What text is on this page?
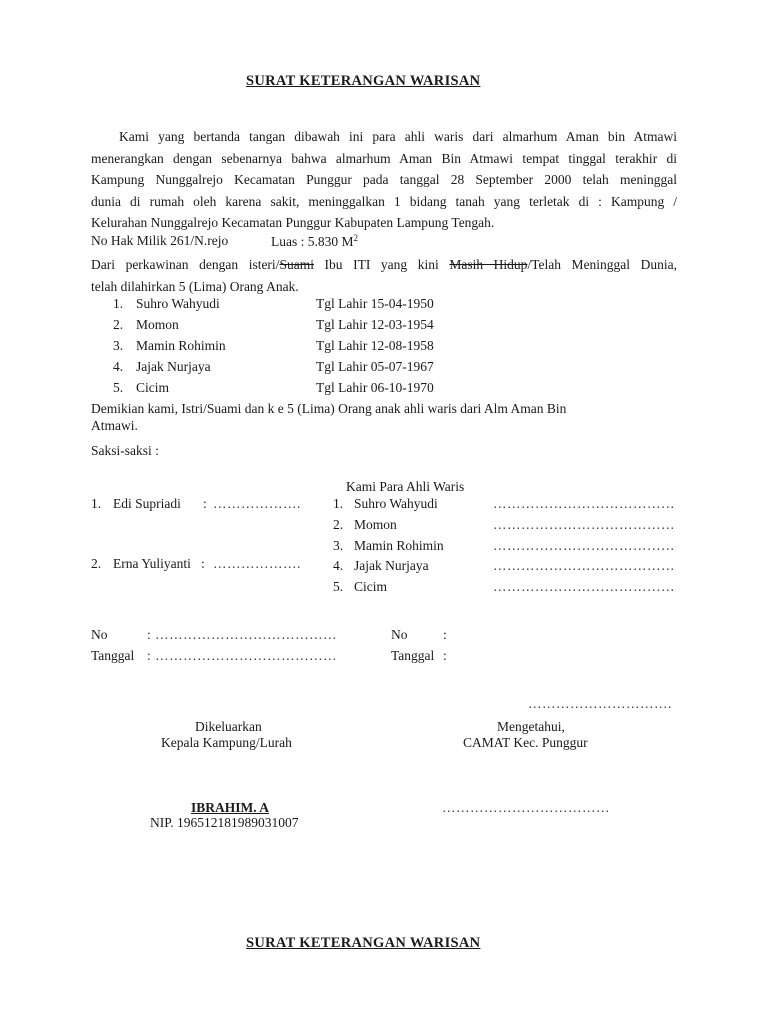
SURAT KETERANGAN WARISAN
Kami yang bertanda tangan dibawah ini para ahli waris dari almarhum Aman bin Atmawi
menerangkan dengan sebenarnya bahwa almarhum Aman Bin Atmawi tempat tinggal terakhir di
Kampung Nunggalrejo Kecamatan Punggur pada tanggal 28 September 2000 telah meninggal
dunia di rumah oleh karena sakit, meninggalkan 1 bidang tanah yang terletak di : Kampung /
Kelurahan Nunggalrejo Kecamatan Punggur Kabupaten Lampung Tengah.
No Hak Milik 261/N.rejo	Luas : 5.830 $M^2$
Dari perkawinan dengan isteri/Suami Ibu ITI yang kini Masih Hidup/Telah Meninggal Dunia,
telah dilahirkan 5 (Lima) Orang Anak.
1. Suhro Wahyudi	Tgl Lahir 15-04-1950
2. Momon	Tgl Lahir 12-03-1954
3. Mamin Rohimin	Tgl Lahir 12-08-1958
4. Jajak Nurjaya	Tgl Lahir 05-07-1967
5. Cicim	Tgl Lahir 06-10-1970
Demikian kami, Istri/Suami dan k e 5 (Lima) Orang anak ahli waris dari Alm Aman Bin
Atmawi.
Saksi-saksi :
Kami Para Ahli Waris
1. Edi Supriadi : ……………….
2. Erna Yuliyanti : ……………….
1. Suhro Wahyudi	…………………………………
2. Momon	…………………………………
3. Mamin Rohimin	…………………………………
4. Jajak Nurjaya	…………………………………
5. Cicim	…………………………………
No	: …………………………………	No	:
Tanggal : …………………………………	Tanggal :
………………………….
Dikeluarkan
Kepala Kampung/Lurah
Mengetahui,
CAMAT Kec. Punggur
IBRAHIM. A
NIP. 196512181989031007
………………………………
SURAT KETERANGAN WARISAN
